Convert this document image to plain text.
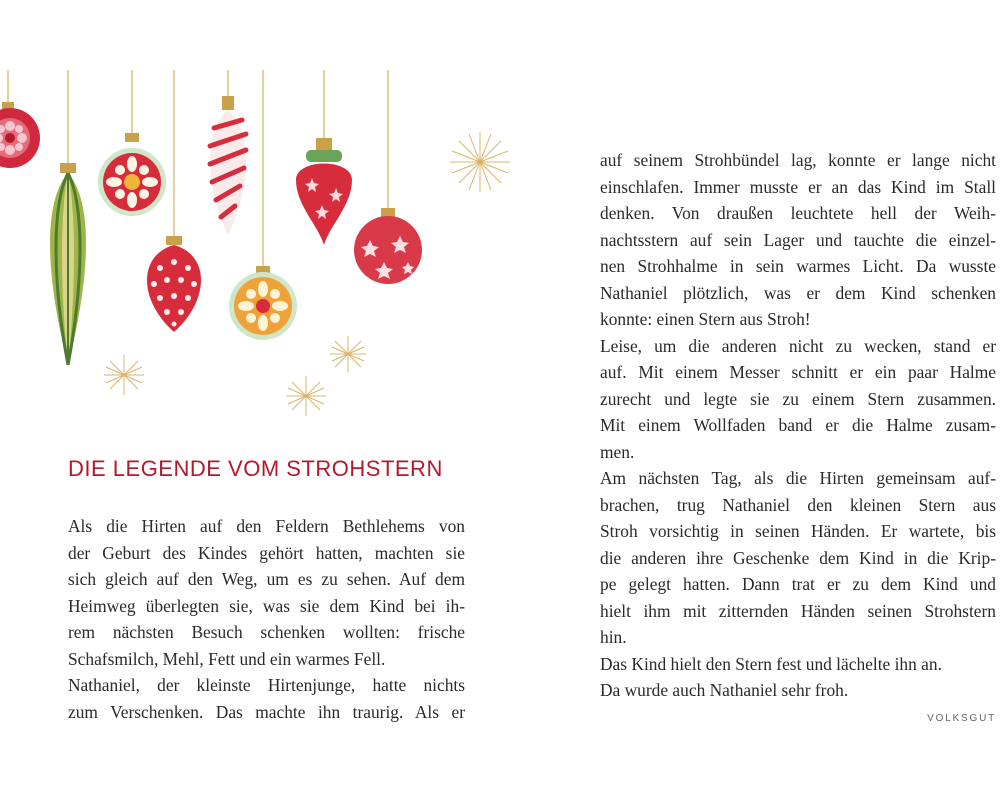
DIE LEGENDE VOM STROHSTERN

Als die Hirten auf den Feldern Bethlehems von
der Geburt des Kindes gehört hatten, machten sie
sich gleich auf den Weg, um es zu sehen. Auf dem
Heimweg überlegten sie, was sie dem Kind bei ih-
rem nächsten Besuch schenken wollten: frische
Schafsmilch, Mehl, Fett und ein warmes Fell.
Nathaniel, der kleinste Hirtenjunge, hatte nichts
zum Verschenken. Das machte ihn traurig. Als er

auf seinem Strohbündel lag, konnte er lange nicht
einschlafen. Immer musste er an das Kind im Stall
denken. Von draußen leuchtete hell der Weih-
nachtsstern auf sein Lager und tauchte die einzel-
nen Strohhalme in sein warmes Licht. Da wusste
Nathaniel plötzlich, was er dem Kind schenken
konnte: einen Stern aus Stroh!
Leise, um die anderen nicht zu wecken, stand er
auf. Mit einem Messer schnitt er ein paar Halme
zurecht und legte sie zu einem Stern zusammen.
Mit einem Wollfaden band er die Halme zusam-
men.
Am nächsten Tag, als die Hirten gemeinsam auf-
brachen, trug Nathaniel den kleinen Stern aus
Stroh vorsichtig in seinen Händen. Er wartete, bis
die anderen ihre Geschenke dem Kind in die Krip-
pe gelegt hatten. Dann trat er zu dem Kind und
hielt ihm mit zitternden Händen seinen Strohstern
hin.
Das Kind hielt den Stern fest und lächelte ihn an.
Da wurde auch Nathaniel sehr froh.

VOLKSGUT
